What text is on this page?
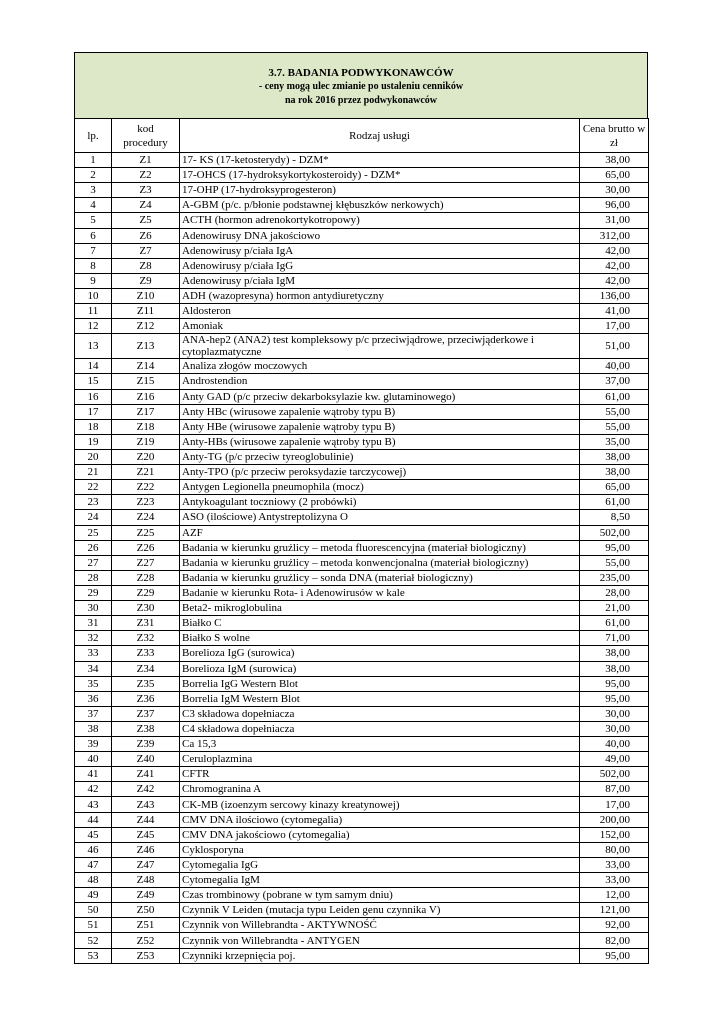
3.7. BADANIA PODWYKONAWCÓW
- ceny mogą ulec zmianie po ustaleniu cenników
na rok 2016 przez podwykonawców
lp.	kod procedury	Rodzaj usługi	Cena brutto w zł
1	Z1	17- KS (17-ketosterydy) - DZM*	38,00
2	Z2	17-OHCS (17-hydroksykortykosteroidy) - DZM*	65,00
3	Z3	17-OHP (17-hydroksyprogesteron)	30,00
4	Z4	A-GBM (p/c. p/błonie podstawnej kłębuszków nerkowych)	96,00
5	Z5	ACTH (hormon adrenokortykotropowy)	31,00
6	Z6	Adenowirusy DNA jakościowo	312,00
7	Z7	Adenowirusy p/ciała IgA	42,00
8	Z8	Adenowirusy p/ciała IgG	42,00
9	Z9	Adenowirusy p/ciała IgM	42,00
10	Z10	ADH (wazopresyna) hormon antydiuretyczny	136,00
11	Z11	Aldosteron	41,00
12	Z12	Amoniak	17,00
13	Z13	ANA-hep2 (ANA2) test kompleksowy p/c przeciwjądrowe, przeciwjąderkowe i cytoplazmatyczne	51,00
14	Z14	Analiza złogów moczowych	40,00
15	Z15	Androstendion	37,00
16	Z16	Anty GAD (p/c przeciw dekarboksylazie kw. glutaminowego)	61,00
17	Z17	Anty HBc (wirusowe zapalenie wątroby typu B)	55,00
18	Z18	Anty HBe (wirusowe zapalenie wątroby typu B)	55,00
19	Z19	Anty-HBs (wirusowe zapalenie wątroby typu B)	35,00
20	Z20	Anty-TG (p/c przeciw tyreoglobulinie)	38,00
21	Z21	Anty-TPO (p/c przeciw peroksydazie tarczycowej)	38,00
22	Z22	Antygen Legionella pneumophila (mocz)	65,00
23	Z23	Antykoagulant toczniowy (2 probówki)	61,00
24	Z24	ASO (ilościowe) Antystreptolizyna O	8,50
25	Z25	AZF	502,00
26	Z26	Badania w kierunku gruźlicy – metoda fluorescencyjna (materiał biologiczny)	95,00
27	Z27	Badania w kierunku gruźlicy – metoda konwencjonalna (materiał biologiczny)	55,00
28	Z28	Badania w kierunku gruźlicy – sonda DNA (materiał biologiczny)	235,00
29	Z29	Badanie w kierunku Rota- i Adenowirusów w kale	28,00
30	Z30	Beta2- mikroglobulina	21,00
31	Z31	Białko C	61,00
32	Z32	Białko S wolne	71,00
33	Z33	Borelioza IgG (surowica)	38,00
34	Z34	Borelioza IgM (surowica)	38,00
35	Z35	Borrelia IgG Western Blot	95,00
36	Z36	Borrelia IgM Western Blot	95,00
37	Z37	C3 składowa dopełniacza	30,00
38	Z38	C4 składowa dopełniacza	30,00
39	Z39	Ca 15,3	40,00
40	Z40	Ceruloplazmina	49,00
41	Z41	CFTR	502,00
42	Z42	Chromogranina A	87,00
43	Z43	CK-MB (izoenzym sercowy kinazy kreatynowej)	17,00
44	Z44	CMV DNA ilościowo (cytomegalia)	200,00
45	Z45	CMV DNA jakościowo (cytomegalia)	152,00
46	Z46	Cyklosporyna	80,00
47	Z47	Cytomegalia IgG	33,00
48	Z48	Cytomegalia IgM	33,00
49	Z49	Czas trombinowy (pobrane w tym samym dniu)	12,00
50	Z50	Czynnik V Leiden (mutacja typu Leiden genu czynnika V)	121,00
51	Z51	Czynnik von Willebrandta - AKTYWNOŚĆ	92,00
52	Z52	Czynnik von Willebrandta - ANTYGEN	82,00
53	Z53	Czynniki krzepnięcia poj.	95,00
